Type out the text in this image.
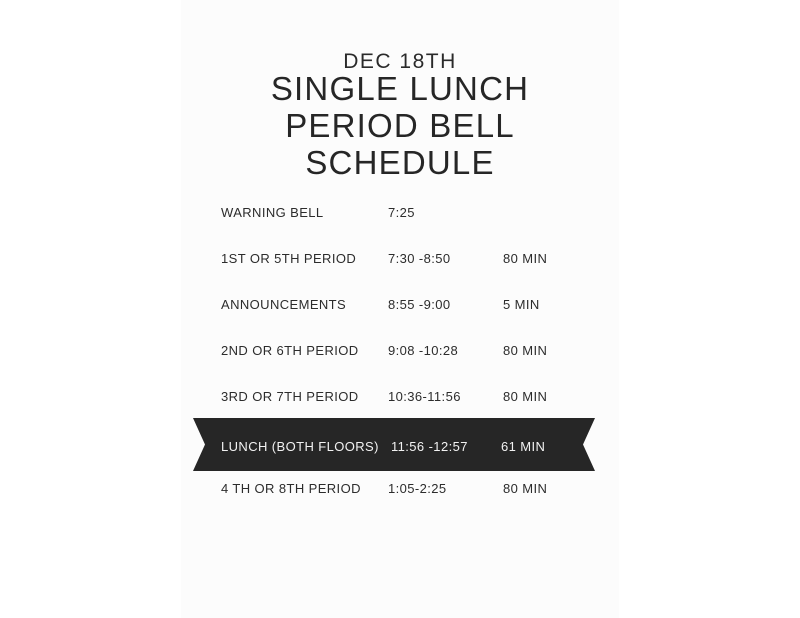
DEC 18TH
SINGLE LUNCH
PERIOD BELL
SCHEDULE
WARNING BELL	7:25
1ST OR 5TH PERIOD 7:30 -8:50	80 MIN
ANNOUNCEMENTS	8:55 -9:00	5 MIN
2ND OR 6TH PERIOD 9:08 -10:28	80 MIN
3RD OR 7TH PERIOD 10:36-11:56	80 MIN
LUNCH (BOTH FLOORS) 11:56 -12:57	61 MIN
4 TH OR 8TH PERIOD 1:05-2:25	80 MIN
